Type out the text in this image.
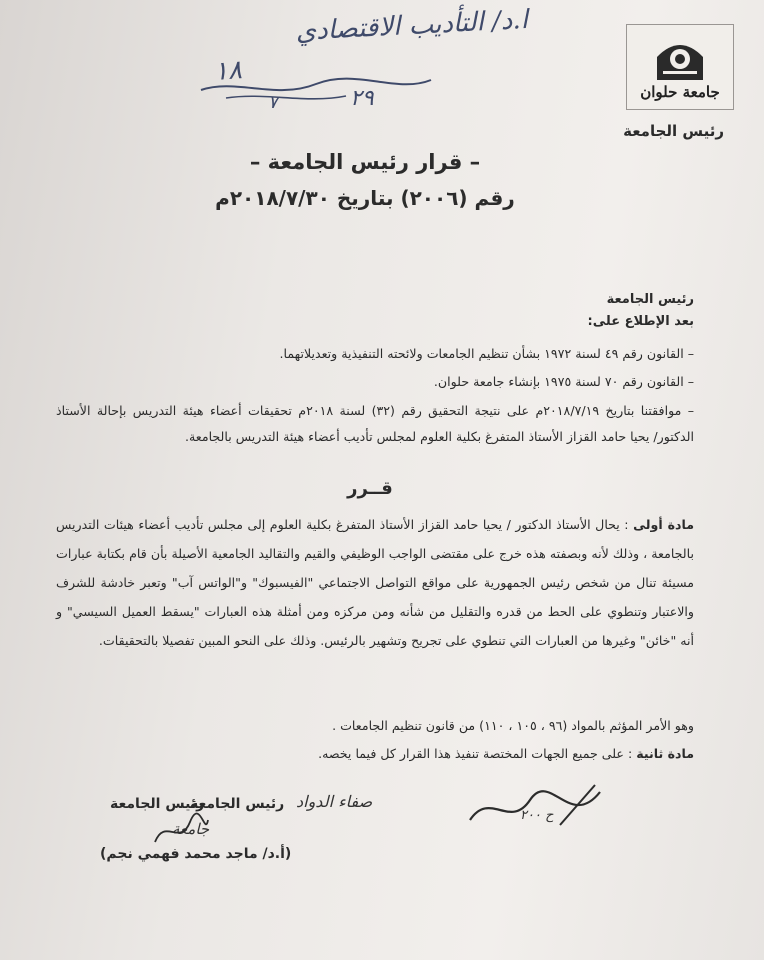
ا.د/ التأديب الاقتصادي
١٨
٧	٢٩	جامعة حلوان
رئيس الجامعة
– قرار رئيس الجامعة –
رقم (٢٠٠٦) بتاريخ ٢٠١٨/٧/٣٠م
رئيس الجامعة
بعد الإطلاع على:
– القانون رقم ٤٩ لسنة ١٩٧٢ بشأن تنظيم الجامعات ولائحته التنفيذية وتعديلاتهما.
– القانون رقم ٧٠ لسنة ١٩٧٥ بإنشاء جامعة حلوان.
– موافقتنا بتاريخ ٢٠١٨/٧/١٩م على نتيجة التحقيق رقم (٣٢) لسنة ٢٠١٨م تحقيقات أعضاء هيئة التدريس بإحالة الأستاذ الدكتور/ يحيا حامد القزاز الأستاذ المتفرغ بكلية العلوم لمجلس تأديب أعضاء هيئة التدريس بالجامعة.
قــرر
مادة أولى : يحال الأستاذ الدكتور / يحيا حامد القزاز الأستاذ المتفرغ بكلية العلوم إلى مجلس تأديب أعضاء هيئات التدريس بالجامعة ، وذلك لأنه وبصفته هذه خرج على مقتضى الواجب الوظيفي والقيم والتقاليد الجامعية الأصيلة بأن قام بكتابة عبارات مسيئة تنال من شخص رئيس الجمهورية على مواقع التواصل الاجتماعي "الفيسبوك" و"الواتس آب" وتعبر خادشة للشرف والاعتبار وتنطوي على الحط من قدره والتقليل من شأنه ومن مركزه ومن أمثلة هذه العبارات "يسقط العميل السيسي" و أنه "خائن" وغيرها من العبارات التي تنطوي على تجريح وتشهير بالرئيس. وذلك على النحو المبين تفصيلا بالتحقيقات.
وهو الأمر المؤثم بالمواد (٩٦ ، ١٠٥ ، ١١٠) من قانون تنظيم الجامعات .
مادة ثانية : على جميع الجهات المختصة تنفيذ هذا القرار كل فيما يخصه.
رئيس الجامعة
رئيس الجامعة
(أ.د/ ماجد محمد فهمي نجم)
صفاء الدواد
ح ٢٠٠
جامعة
